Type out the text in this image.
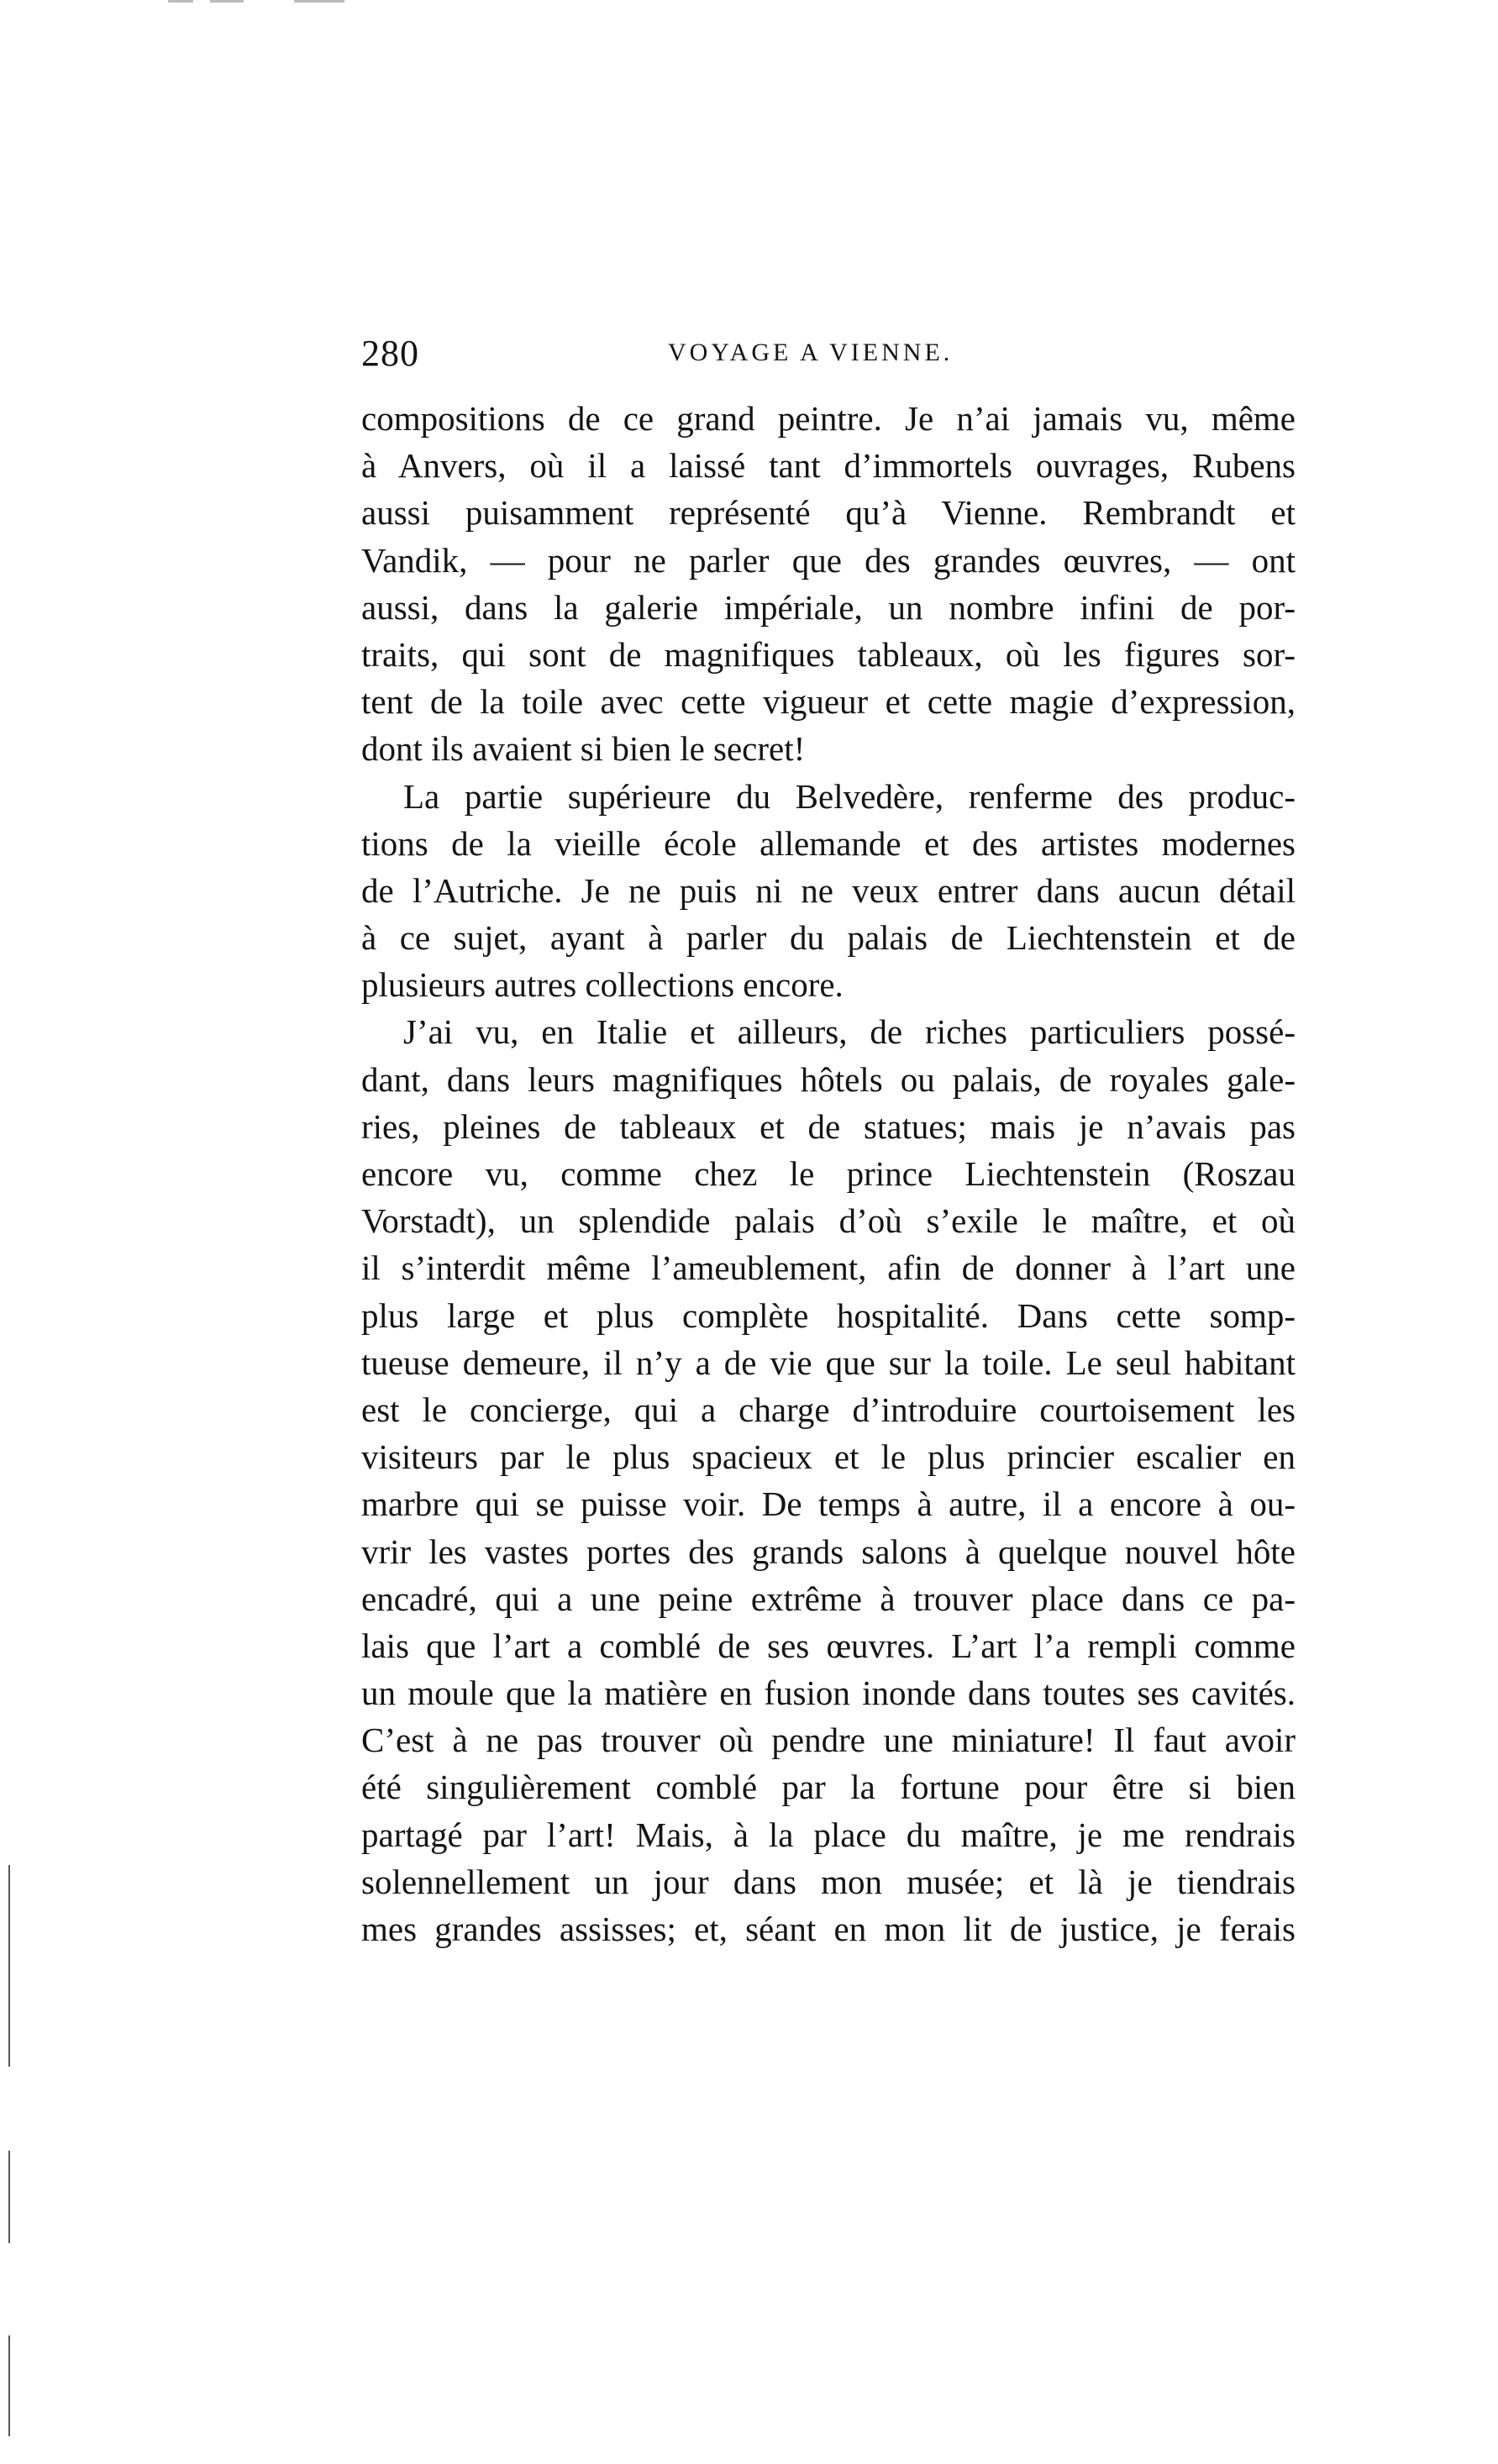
280	VOYAGE A VIENNE.
compositions de ce grand peintre. Je n’ai jamais vu, même
à Anvers, où il a laissé tant d’immortels ouvrages, Rubens
aussi puisamment représenté qu’à Vienne. Rembrandt et
Vandik, — pour ne parler que des grandes œuvres, — ont
aussi, dans la galerie impériale, un nombre infini de por-
traits, qui sont de magnifiques tableaux, où les figures sor-
tent de la toile avec cette vigueur et cette magie d’expression,
dont ils avaient si bien le secret!
La partie supérieure du Belvedère, renferme des produc-
tions de la vieille école allemande et des artistes modernes
de l’Autriche. Je ne puis ni ne veux entrer dans aucun détail
à ce sujet, ayant à parler du palais de Liechtenstein et de
plusieurs autres collections encore.
J’ai vu, en Italie et ailleurs, de riches particuliers possé-
dant, dans leurs magnifiques hôtels ou palais, de royales gale-
ries, pleines de tableaux et de statues; mais je n’avais pas
encore vu, comme chez le prince Liechtenstein (Roszau
Vorstadt), un splendide palais d’où s’exile le maître, et où
il s’interdit même l’ameublement, afin de donner à l’art une
plus large et plus complète hospitalité. Dans cette somp-
tueuse demeure, il n’y a de vie que sur la toile. Le seul habitant
est le concierge, qui a charge d’introduire courtoisement les
visiteurs par le plus spacieux et le plus princier escalier en
marbre qui se puisse voir. De temps à autre, il a encore à ou-
vrir les vastes portes des grands salons à quelque nouvel hôte
encadré, qui a une peine extrême à trouver place dans ce pa-
lais que l’art a comblé de ses œuvres. L’art l’a rempli comme
un moule que la matière en fusion inonde dans toutes ses cavités.
C’est à ne pas trouver où pendre une miniature! Il faut avoir
été singulièrement comblé par la fortune pour être si bien
partagé par l’art! Mais, à la place du maître, je me rendrais
solennellement un jour dans mon musée; et là je tiendrais
mes grandes assisses; et, séant en mon lit de justice, je ferais
